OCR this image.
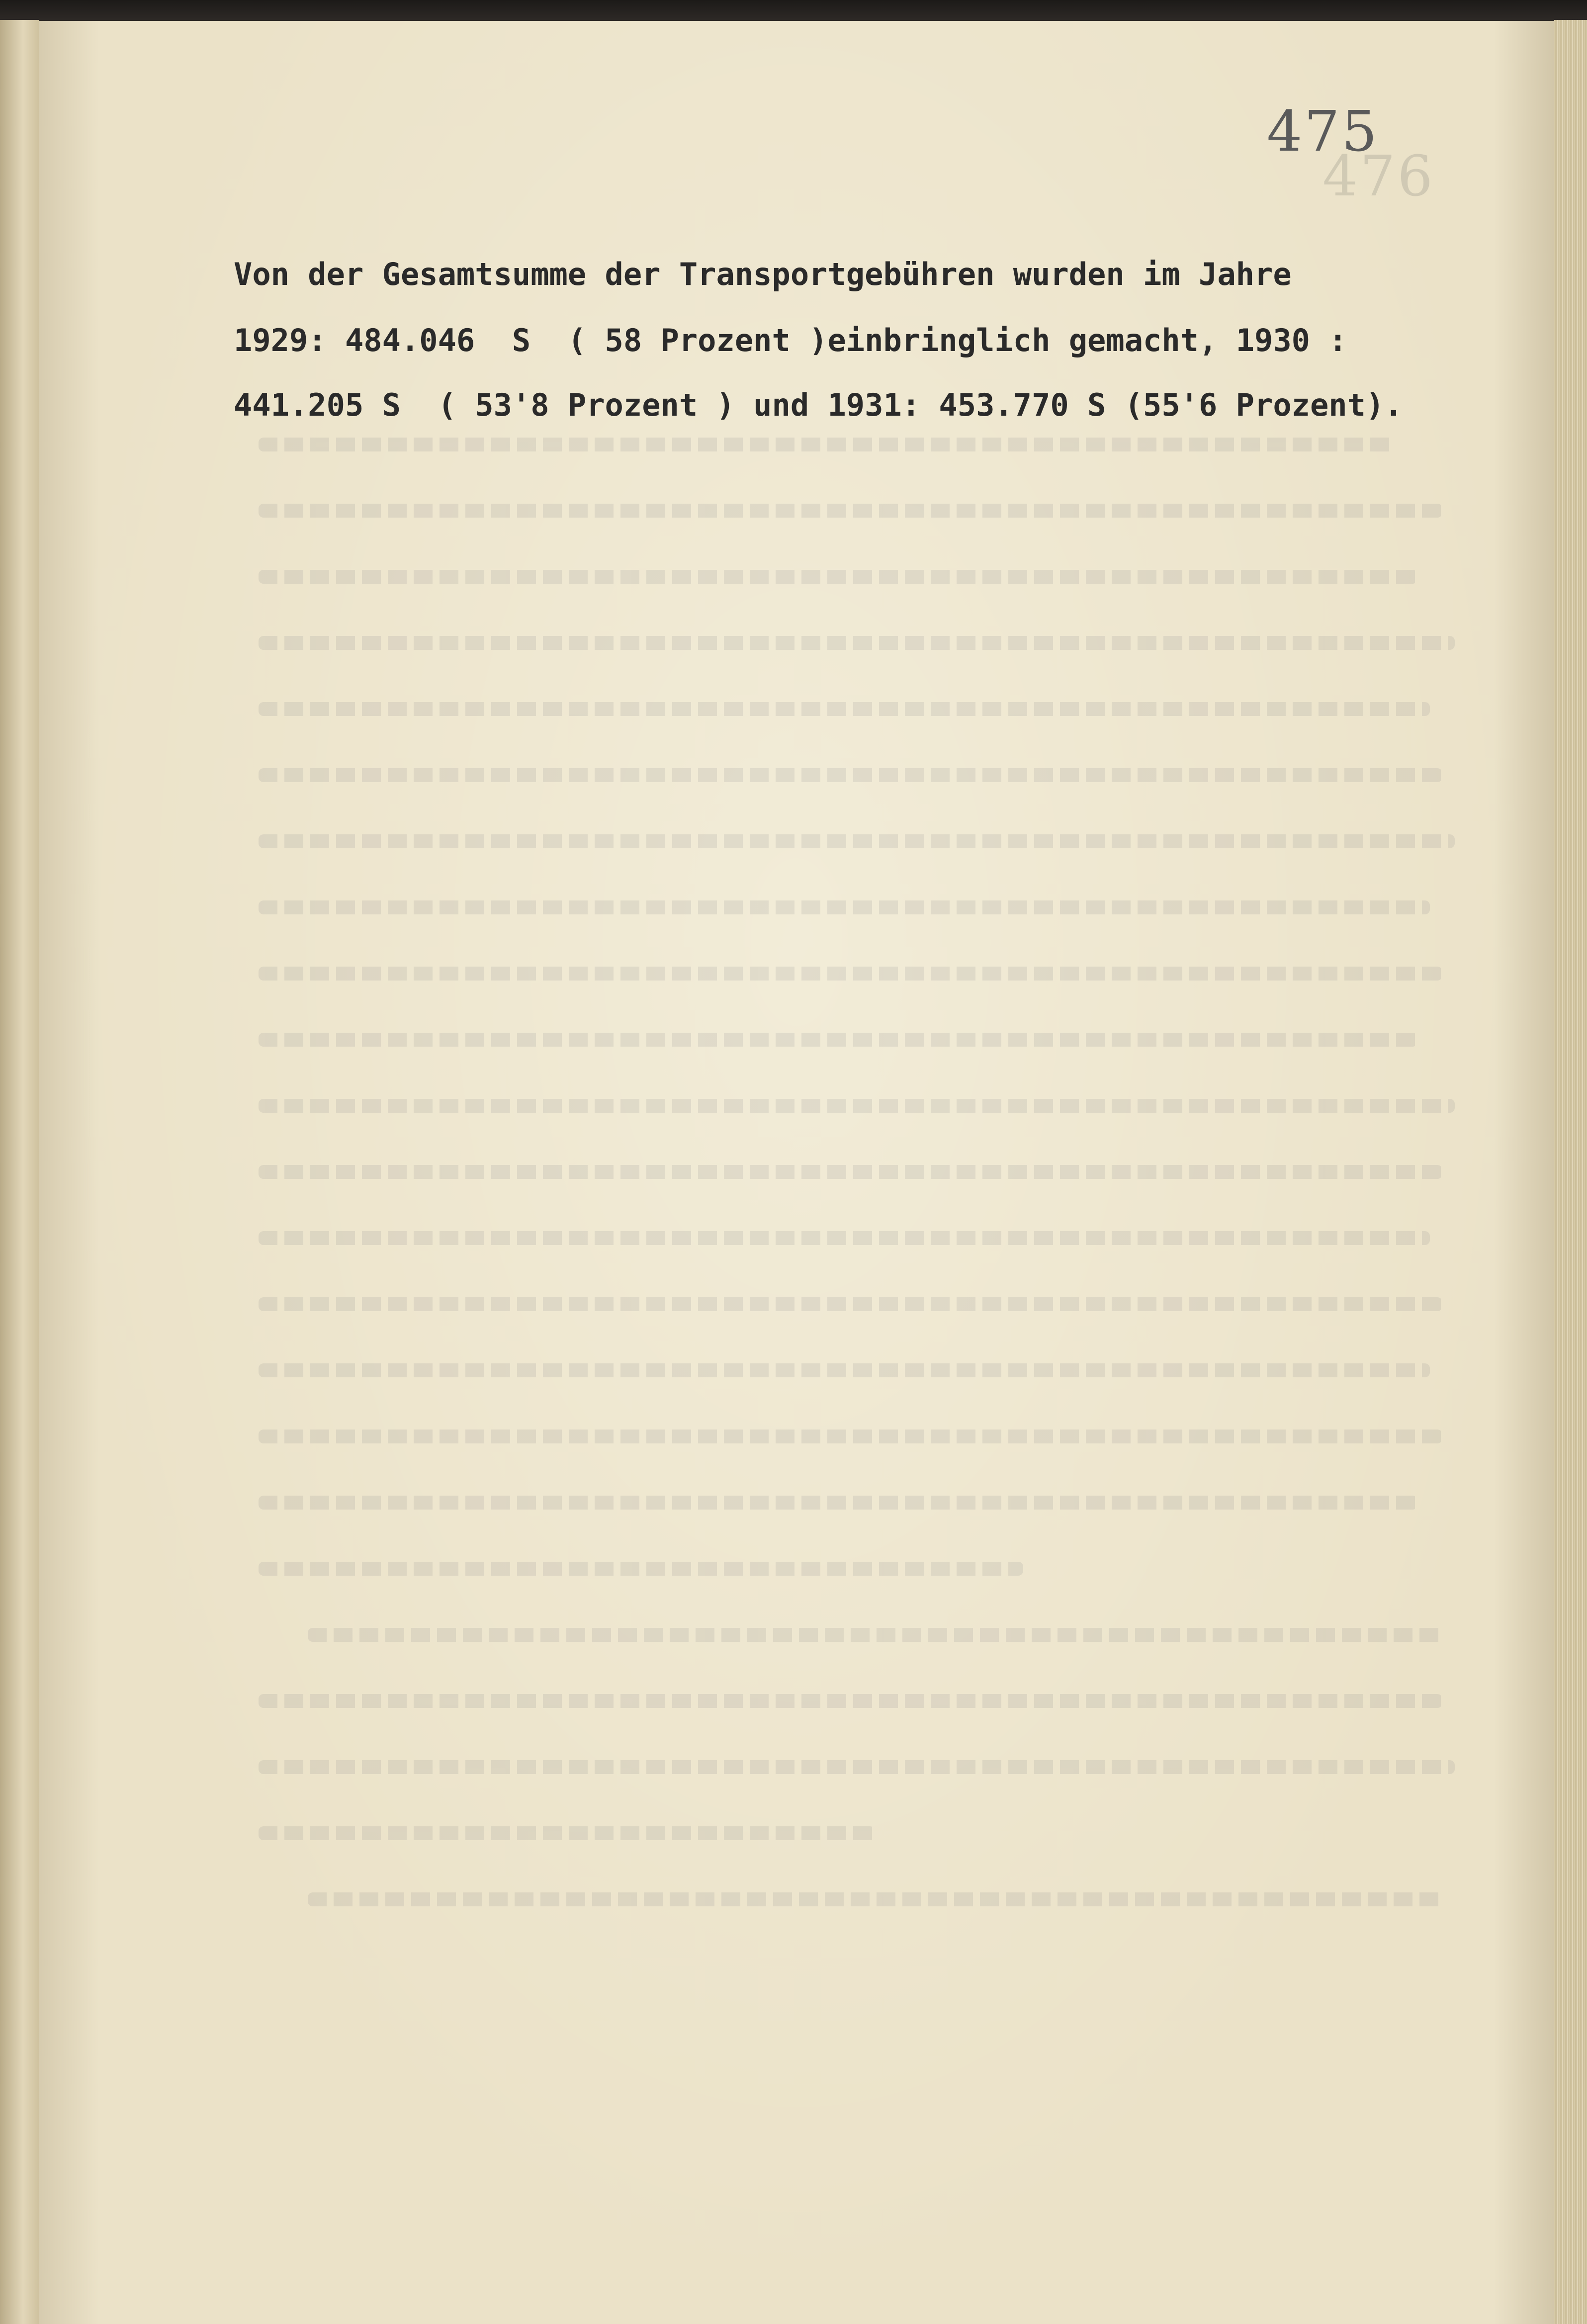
476
475
Von der Gesamtsumme der Transportgebühren wurden im Jahre
1929: 484.046  S  ( 58 Prozent )einbringlich gemacht, 1930 :
441.205 S  ( 53'8 Prozent ) und 1931: 453.770 S (55'6 Prozent).
